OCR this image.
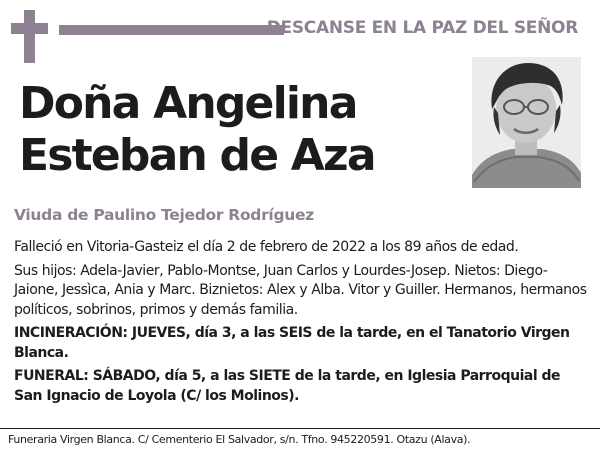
DESCANSE EN LA PAZ DEL SEÑOR
Doña Angelina
Esteban de Aza
Viuda de Paulino Tejedor Rodríguez

Falleció en Vitoria-Gasteiz el día 2 de febrero de 2022 a los 89 años de edad.

Sus hijos: Adela-Javier, Pablo-Montse, Juan Carlos y Lourdes-Josep. Nietos: Diego-Jaione, Jessìca, Ania y Marc. Biznietos: Alex y Alba. Vitor y Guiller. Hermanos, hermanos políticos, sobrinos, primos y demás familia.

INCINERACIÓN: JUEVES, día 3, a las SEIS de la tarde, en el Tanatorio Virgen Blanca.

FUNERAL: SÁBADO, día 5, a las SIETE de la tarde, en Iglesia Parroquial de San Ignacio de Loyola (C/ los Molinos).

Funeraria Virgen Blanca. C/ Cementerio El Salvador, s/n. Tfno. 945220591. Otazu (Alava).
